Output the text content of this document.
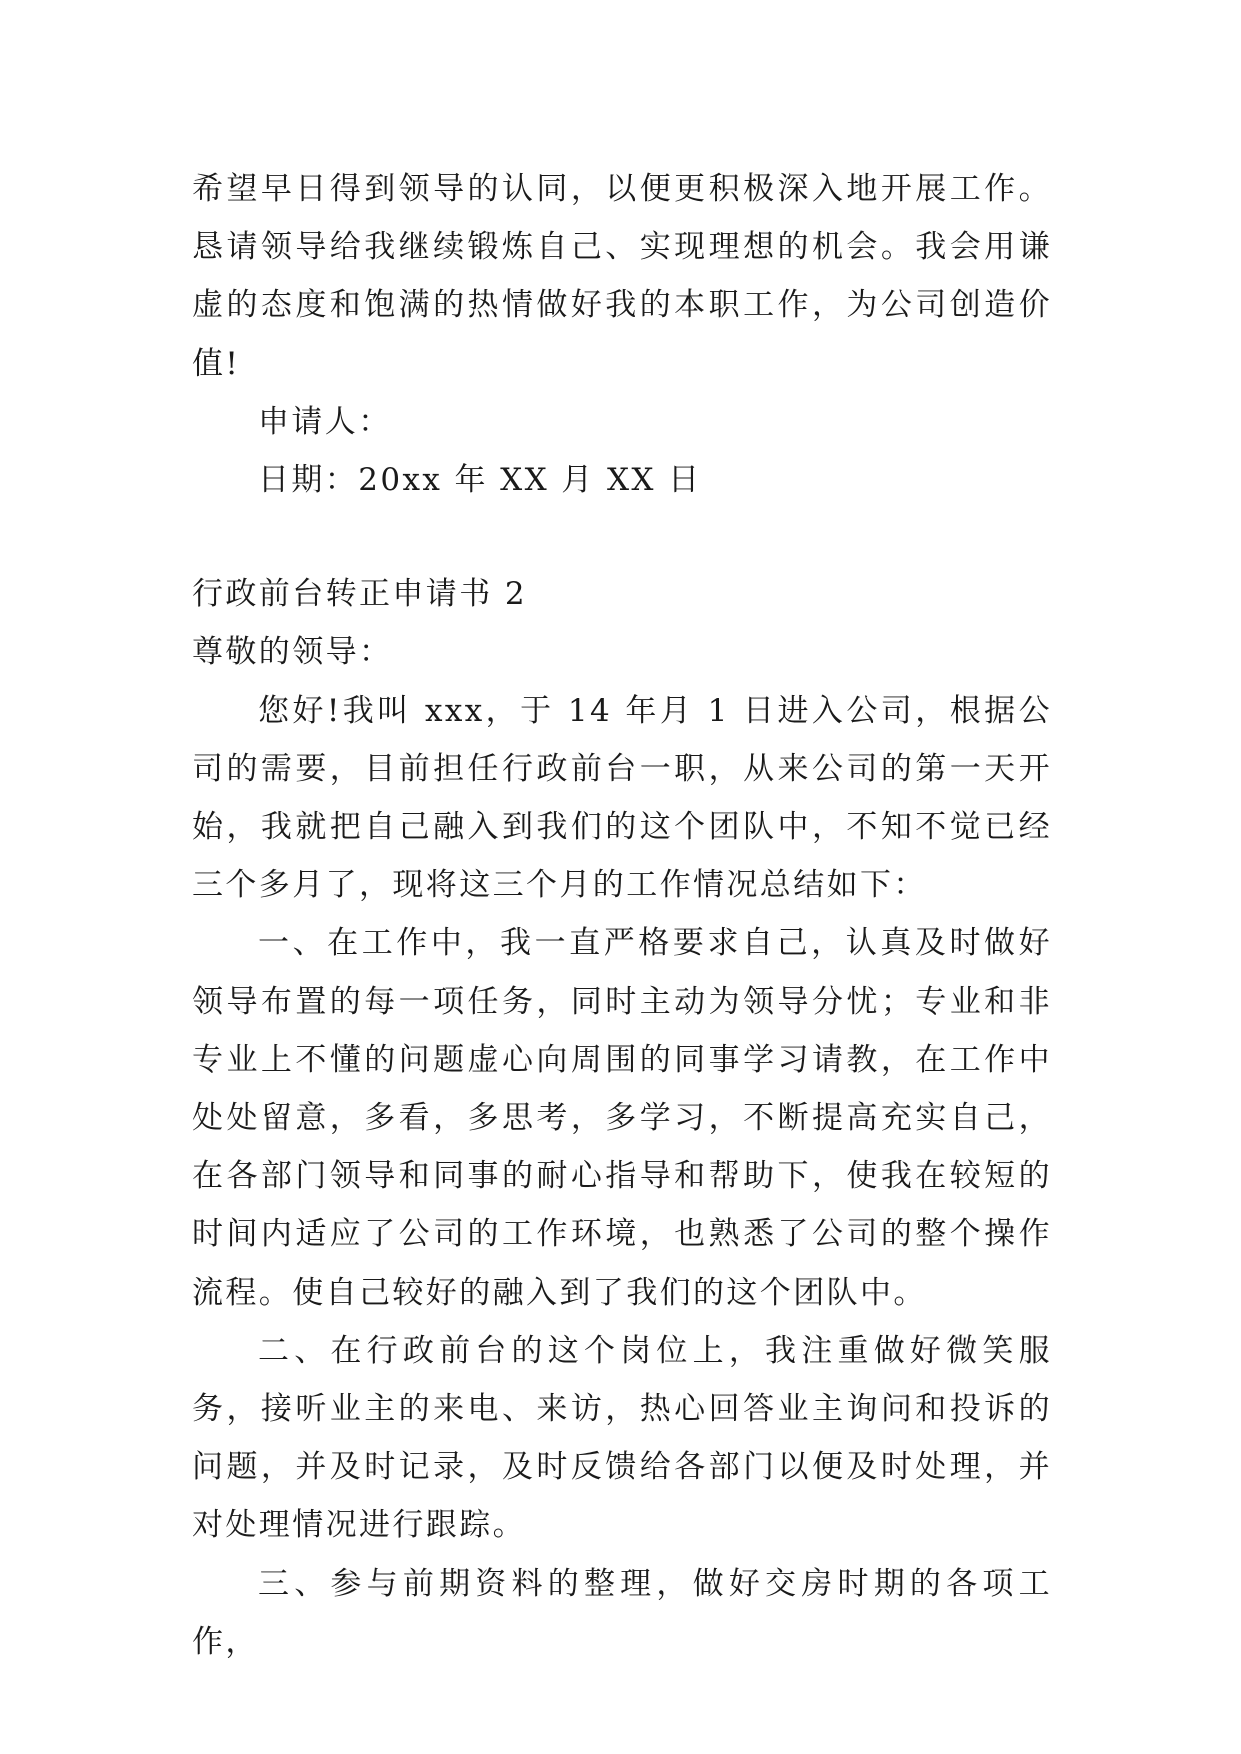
希望早日得到领导的认同，以便更积极深入地开展工作。恳请领导给我继续锻炼自己、实现理想的机会。我会用谦虚的态度和饱满的热情做好我的本职工作，为公司创造价值!

申请人：

日期：20xx 年 XX 月 XX 日

行政前台转正申请书 2

尊敬的领导：

您好!我叫 xxx，于 14 年月 1 日进入公司，根据公司的需要，目前担任行政前台一职，从来公司的第一天开始，我就把自己融入到我们的这个团队中，不知不觉已经三个多月了，现将这三个月的工作情况总结如下：

一、在工作中，我一直严格要求自己，认真及时做好领导布置的每一项任务，同时主动为领导分忧；专业和非专业上不懂的问题虚心向周围的同事学习请教，在工作中处处留意，多看，多思考，多学习，不断提高充实自己，在各部门领导和同事的耐心指导和帮助下，使我在较短的时间内适应了公司的工作环境，也熟悉了公司的整个操作流程。使自己较好的融入到了我们的这个团队中。

二、在行政前台的这个岗位上，我注重做好微笑服务，接听业主的来电、来访，热心回答业主询问和投诉的问题，并及时记录，及时反馈给各部门以便及时处理，并对处理情况进行跟踪。

三、参与前期资料的整理，做好交房时期的各项工作，
